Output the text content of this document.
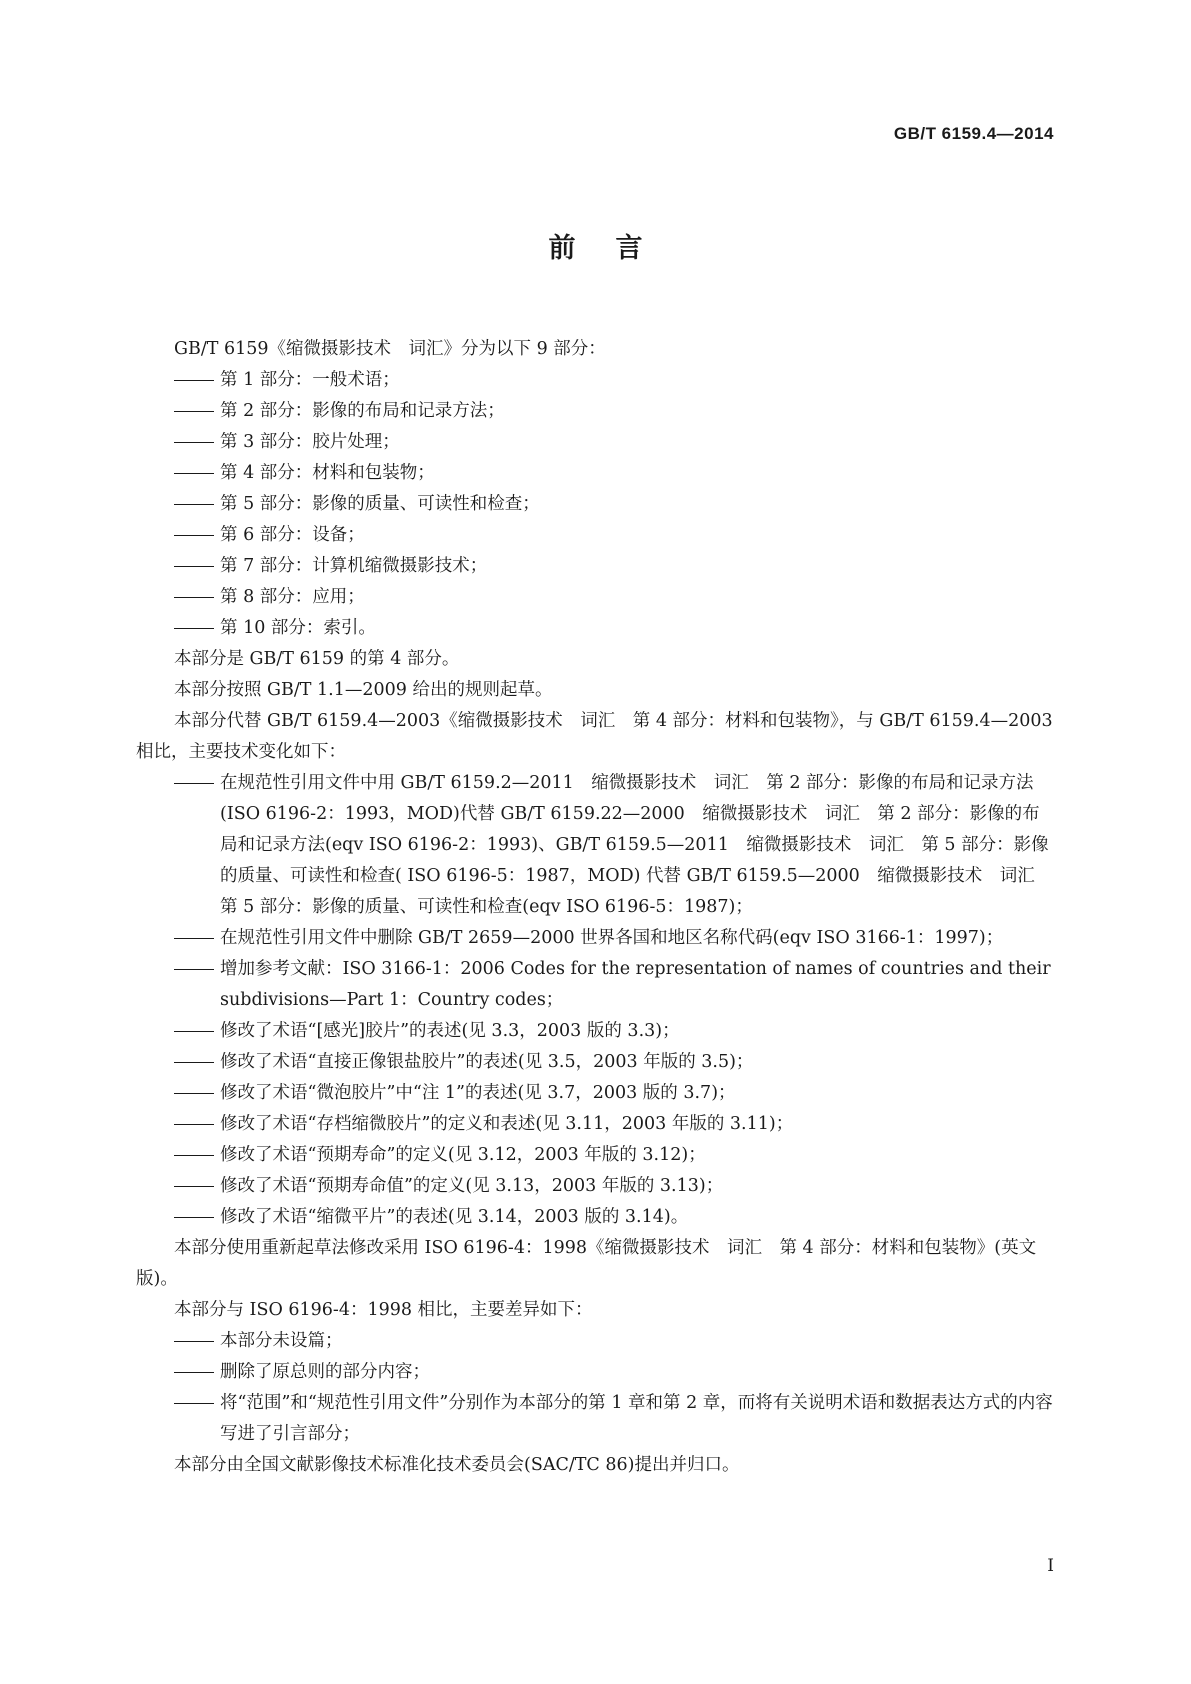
GB/T 6159.4—2014
前言

GB/T 6159《缩微摄影技术　词汇》分为以下 9 部分：

第 1 部分：一般术语；

第 2 部分：影像的布局和记录方法；

第 3 部分：胶片处理；

第 4 部分：材料和包装物；

第 5 部分：影像的质量、可读性和检查；

第 6 部分：设备；

第 7 部分：计算机缩微摄影技术；

第 8 部分：应用；

第 10 部分：索引。

本部分是 GB/T 6159 的第 4 部分。

本部分按照 GB/T 1.1—2009 给出的规则起草。

本部分代替 GB/T 6159.4—2003《缩微摄影技术　词汇　第 4 部分：材料和包装物》，与 GB/T 6159.4—2003 相比，主要技术变化如下：

在规范性引用文件中用 GB/T 6159.2—2011　缩微摄影技术　词汇　第 2 部分：影像的布局和记录方法(ISO 6196-2：1993，MOD)代替 GB/T 6159.22—2000　缩微摄影技术　词汇　第 2 部分：影像的布局和记录方法(eqv ISO 6196-2：1993)、GB/T 6159.5—2011　缩微摄影技术　词汇　第 5 部分：影像的质量、可读性和检查( ISO 6196-5：1987，MOD) 代替 GB/T 6159.5—2000　缩微摄影技术　词汇　第 5 部分：影像的质量、可读性和检查(eqv ISO 6196-5：1987)；

在规范性引用文件中删除 GB/T 2659—2000 世界各国和地区名称代码(eqv ISO 3166-1：1997)；

增加参考文献：ISO 3166-1：2006 Codes for the representation of names of countries and their subdivisions—Part 1：Country codes；

修改了术语“[感光]胶片”的表述(见 3.3，2003 版的 3.3)；

修改了术语“直接正像银盐胶片”的表述(见 3.5，2003 年版的 3.5)；

修改了术语“微泡胶片”中“注 1”的表述(见 3.7，2003 版的 3.7)；

修改了术语“存档缩微胶片”的定义和表述(见 3.11，2003 年版的 3.11)；

修改了术语“预期寿命”的定义(见 3.12，2003 年版的 3.12)；

修改了术语“预期寿命值”的定义(见 3.13，2003 年版的 3.13)；

修改了术语“缩微平片”的表述(见 3.14，2003 版的 3.14)。

本部分使用重新起草法修改采用 ISO 6196-4：1998《缩微摄影技术　词汇　第 4 部分：材料和包装物》(英文版)。

本部分与 ISO 6196-4：1998 相比，主要差异如下：

本部分未设篇；

删除了原总则的部分内容；

将“范围”和“规范性引用文件”分别作为本部分的第 1 章和第 2 章，而将有关说明术语和数据表达方式的内容写进了引言部分；

本部分由全国文献影像技术标准化技术委员会(SAC/TC 86)提出并归口。

I
